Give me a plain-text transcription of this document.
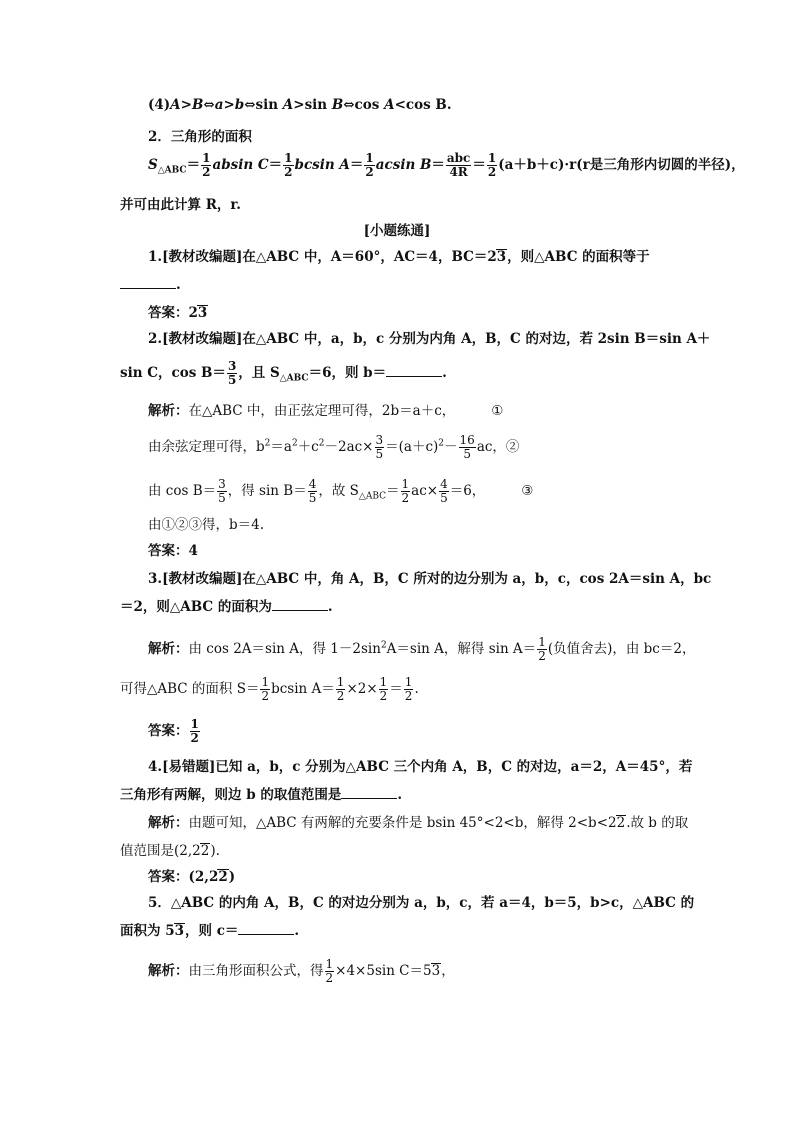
(4)A>B⇔a>b⇔sin A>sin B⇔cos A<cos B.
2．三角形的面积
$S_{\triangle ABC}= \frac{1}{2}$ absin $C= \frac{1}{2}$ bcsin $A= \frac{1}{2}$ acsin $B= \frac{\text{abc}}{4R} = \frac{1}{2} (a+b+c)\cdot r(r$是三角形内切圆的半径)，
并可由此计算 R，r.
[小题练通]
1.[教材改编题]在△ABC 中，A＝60°，AC＝4，BC＝23，则△ABC 的面积等于
.
答案：23
2.[教材改编题]在△ABC 中，a，b，c 分别为内角 A，B，C 的对边，若 2sin B＝sin A＋
sin C，$\cos B= \frac{3}{5}$ ，且 $S_{\triangle ABC}=6$，则 b＝	.
解析：在△ABC 中，由正弦定理可得，2b＝a＋c，	①
由余弦定理可得，$b^2=a^2+c^2-2ac\times \frac{3}{5} =(a+c)^2- \frac{16}{5}$ ac，②
由 $\cos B= \frac{3}{5}$ ，得 $\sin B= \frac{4}{5}$ ，故 $S_{\triangle ABC}= \frac{1}{2} ac\times \frac{4}{5} =6$，	③
由①②③得，b＝4.
答案：4
3.[教材改编题]在△ABC 中，角 A，B，C 所对的边分别为 a，b，c，cos 2A＝sin A，bc
＝2，则△ABC 的面积为	.
解析：由 cos 2A＝sin A，得 $1-2\sin^2A=\sin$ A，解得 $\sin A= \frac{1}{2}$ (负值舍去)，由 bc＝2，
可得△ABC 的面积 $S= \frac{1}{2}$ bcsin $A= \frac{1}{2} \times 2\times \frac{1}{2} = \frac{1}{2}$ .
答案： $\frac{1}{2}$
4.[易错题]已知 a，b，c 分别为△ABC 三个内角 A，B，C 的对边，a＝2，A＝45°，若
三角形有两解，则边 b 的取值范围是	.
解析：由题可知，△ABC 有两解的充要条件是 bsin 45°<2<b，解得 2<b<22.故 b 的取
值范围是(2,22).
答案：(2,22)
5．△ABC 的内角 A，B，C 的对边分别为 a，b，c，若 a＝4，b＝5，b>c，△ABC 的
面积为 53，则 c＝	.
解析：由三角形面积公式，得 $\frac{1}{2} \times 4\times 5\sin$ C＝53，
